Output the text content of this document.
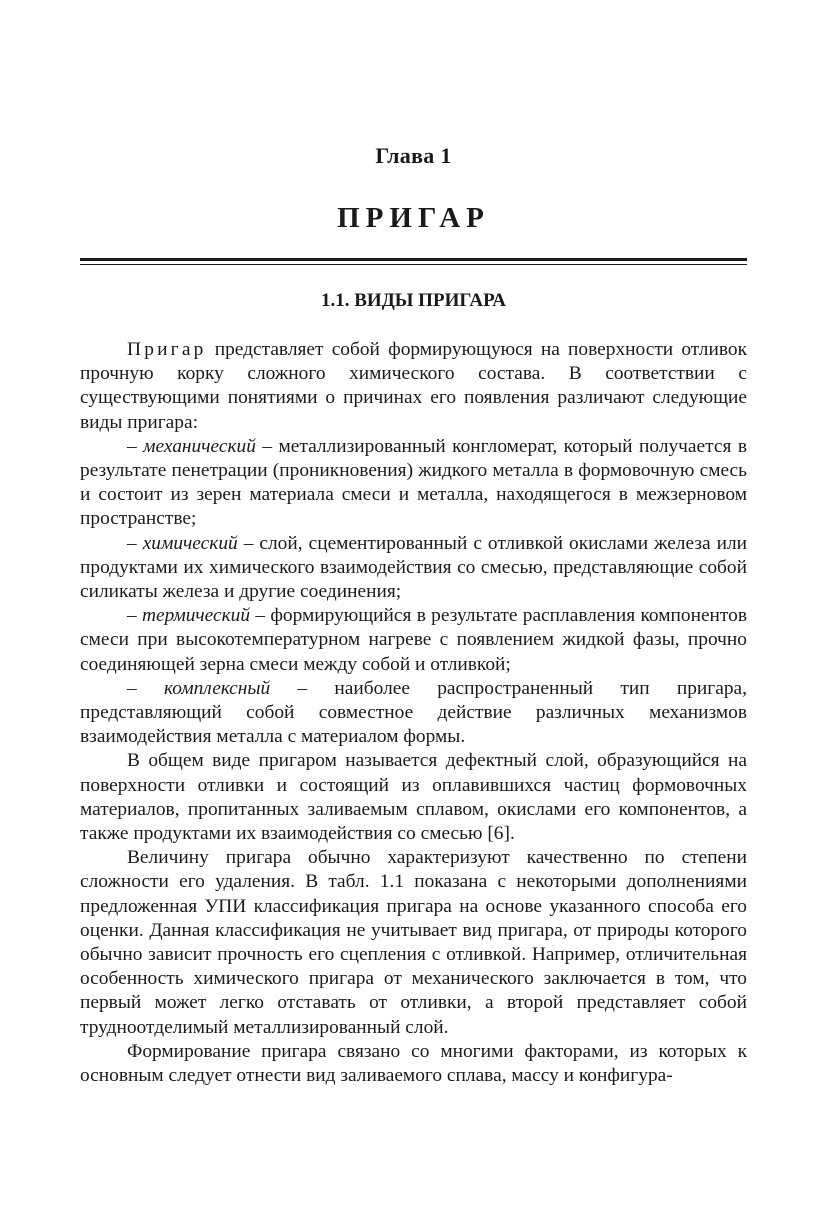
Глава 1
ПРИГАР
1.1. ВИДЫ ПРИГАРА

Пригар представляет собой формирующуюся на поверхности отливок прочную корку сложного химического состава. В соответствии с существующими понятиями о причинах его появления различают следующие виды пригара:

– механический – металлизированный конгломерат, который получается в результате пенетрации (проникновения) жидкого металла в формовочную смесь и состоит из зерен материала смеси и металла, находящегося в межзерновом пространстве;

– химический – слой, сцементированный с отливкой окислами железа или продуктами их химического взаимодействия со смесью, представляющие собой силикаты железа и другие соединения;

– термический – формирующийся в результате расплавления компонентов смеси при высокотемпературном нагреве с появлением жидкой фазы, прочно соединяющей зерна смеси между собой и отливкой;

– комплексный – наиболее распространенный тип пригара, представляющий собой совместное действие различных механизмов взаимодействия металла с материалом формы.

В общем виде пригаром называется дефектный слой, образующийся на поверхности отливки и состоящий из оплавившихся частиц формовочных материалов, пропитанных заливаемым сплавом, окислами его компонентов, а также продуктами их взаимодействия со смесью [6].

Величину пригара обычно характеризуют качественно по степени сложности его удаления. В табл. 1.1 показана с некоторыми дополнениями предложенная УПИ классификация пригара на основе указанного способа его оценки. Данная классификация не учитывает вид пригара, от природы которого обычно зависит прочность его сцепления с отливкой. Например, отличительная особенность химического пригара от механического заключается в том, что первый может легко отставать от отливки, а второй представляет собой трудноотделимый металлизированный слой.

Формирование пригара связано со многими факторами, из которых к основным следует отнести вид заливаемого сплава, массу и конфигура-
